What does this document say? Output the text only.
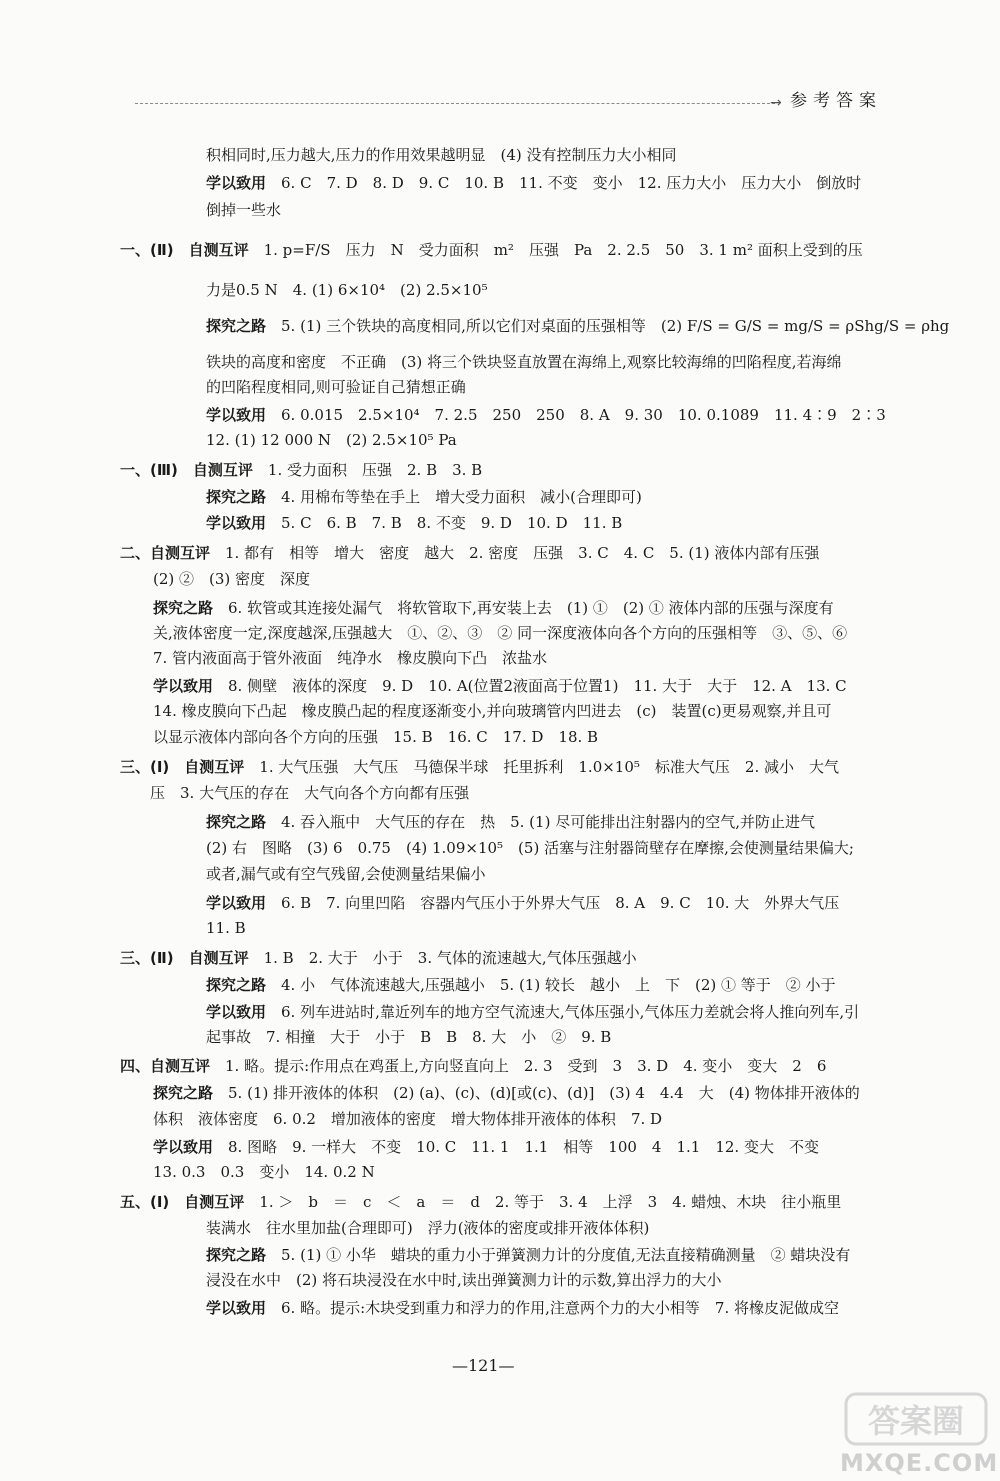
→ 参考答案
积相同时,压力越大,压力的作用效果越明显　(4) 没有控制压力大小相同
学以致用　6. C　7. D　8. D　9. C　10. B　11. 不变　变小　12. 压力大小　压力大小　倒放时
倒掉一些水
一、(Ⅱ)　自测互评　1. p=F/S　压力　N　受力面积　m²　压强　Pa　2. 2.5　50　3. 1 m² 面积上受到的压
力是0.5 N　4. (1) 6×10⁴　(2) 2.5×10⁵
探究之路　5. (1) 三个铁块的高度相同,所以它们对桌面的压强相等　(2) F/S = G/S = mg/S = ρShg/S = ρhg
铁块的高度和密度　不正确　(3) 将三个铁块竖直放置在海绵上,观察比较海绵的凹陷程度,若海绵
的凹陷程度相同,则可验证自己猜想正确
学以致用　6. 0.015　2.5×10⁴　7. 2.5　250　250　8. A　9. 30　10. 0.1089　11. 4∶9　2∶3
12. (1) 12 000 N　(2) 2.5×10⁵ Pa
一、(Ⅲ)　自测互评　1. 受力面积　压强　2. B　3. B
探究之路　4. 用棉布等垫在手上　增大受力面积　减小(合理即可)
学以致用　5. C　6. B　7. B　8. 不变　9. D　10. D　11. B
二、自测互评　1. 都有　相等　增大　密度　越大　2. 密度　压强　3. C　4. C　5. (1) 液体内部有压强
(2) ②　(3) 密度　深度
探究之路　6. 软管或其连接处漏气　将软管取下,再安装上去　(1) ①　(2) ① 液体内部的压强与深度有
关,液体密度一定,深度越深,压强越大　①、②、③　② 同一深度液体向各个方向的压强相等　③、⑤、⑥
7. 管内液面高于管外液面　纯净水　橡皮膜向下凸　浓盐水
学以致用　8. 侧壁　液体的深度　9. D　10. A(位置2液面高于位置1)　11. 大于　大于　12. A　13. C
14. 橡皮膜向下凸起　橡皮膜凸起的程度逐渐变小,并向玻璃管内凹进去　(c)　装置(c)更易观察,并且可
以显示液体内部向各个方向的压强　15. B　16. C　17. D　18. B
三、(Ⅰ)　自测互评　1. 大气压强　大气压　马德保半球　托里拆利　1.0×10⁵　标准大气压　2. 减小　大气
压　3. 大气压的存在　大气向各个方向都有压强
探究之路　4. 吞入瓶中　大气压的存在　热　5. (1) 尽可能排出注射器内的空气,并防止进气
(2) 右　图略　(3) 6　0.75　(4) 1.09×10⁵　(5) 活塞与注射器筒壁存在摩擦,会使测量结果偏大;
或者,漏气或有空气残留,会使测量结果偏小
学以致用　6. B　7. 向里凹陷　容器内气压小于外界大气压　8. A　9. C　10. 大　外界大气压
11. B
三、(Ⅱ)　自测互评　1. B　2. 大于　小于　3. 气体的流速越大,气体压强越小
探究之路　4. 小　气体流速越大,压强越小　5. (1) 较长　越小　上　下　(2) ① 等于　② 小于
学以致用　6. 列车进站时,靠近列车的地方空气流速大,气体压强小,气体压力差就会将人推向列车,引
起事故　7. 相撞　大于　小于　B　B　8. 大　小　②　9. B
四、自测互评　1. 略。提示:作用点在鸡蛋上,方向竖直向上　2. 3　受到　3　3. D　4. 变小　变大　2　6
探究之路　5. (1) 排开液体的体积　(2) (a)、(c)、(d)[或(c)、(d)]　(3) 4　4.4　大　(4) 物体排开液体的
体积　液体密度　6. 0.2　增加液体的密度　增大物体排开液体的体积　7. D
学以致用　8. 图略　9. 一样大　不变　10. C　11. 1　1.1　相等　100　4　1.1　12. 变大　不变
13. 0.3　0.3　变小　14. 0.2 N
五、(Ⅰ)　自测互评　1. ＞　b　＝　c　＜　a　＝　d　2. 等于　3. 4　上浮　3　4. 蜡烛、木块　往小瓶里
装满水　往水里加盐(合理即可)　浮力(液体的密度或排开液体体积)
探究之路　5. (1) ① 小华　蜡块的重力小于弹簧测力计的分度值,无法直接精确测量　② 蜡块没有
浸没在水中　(2) 将石块浸没在水中时,读出弹簧测力计的示数,算出浮力的大小
学以致用　6. 略。提示:木块受到重力和浮力的作用,注意两个力的大小相等　7. 将橡皮泥做成空
—121—
答案圈
MXQE.COM
